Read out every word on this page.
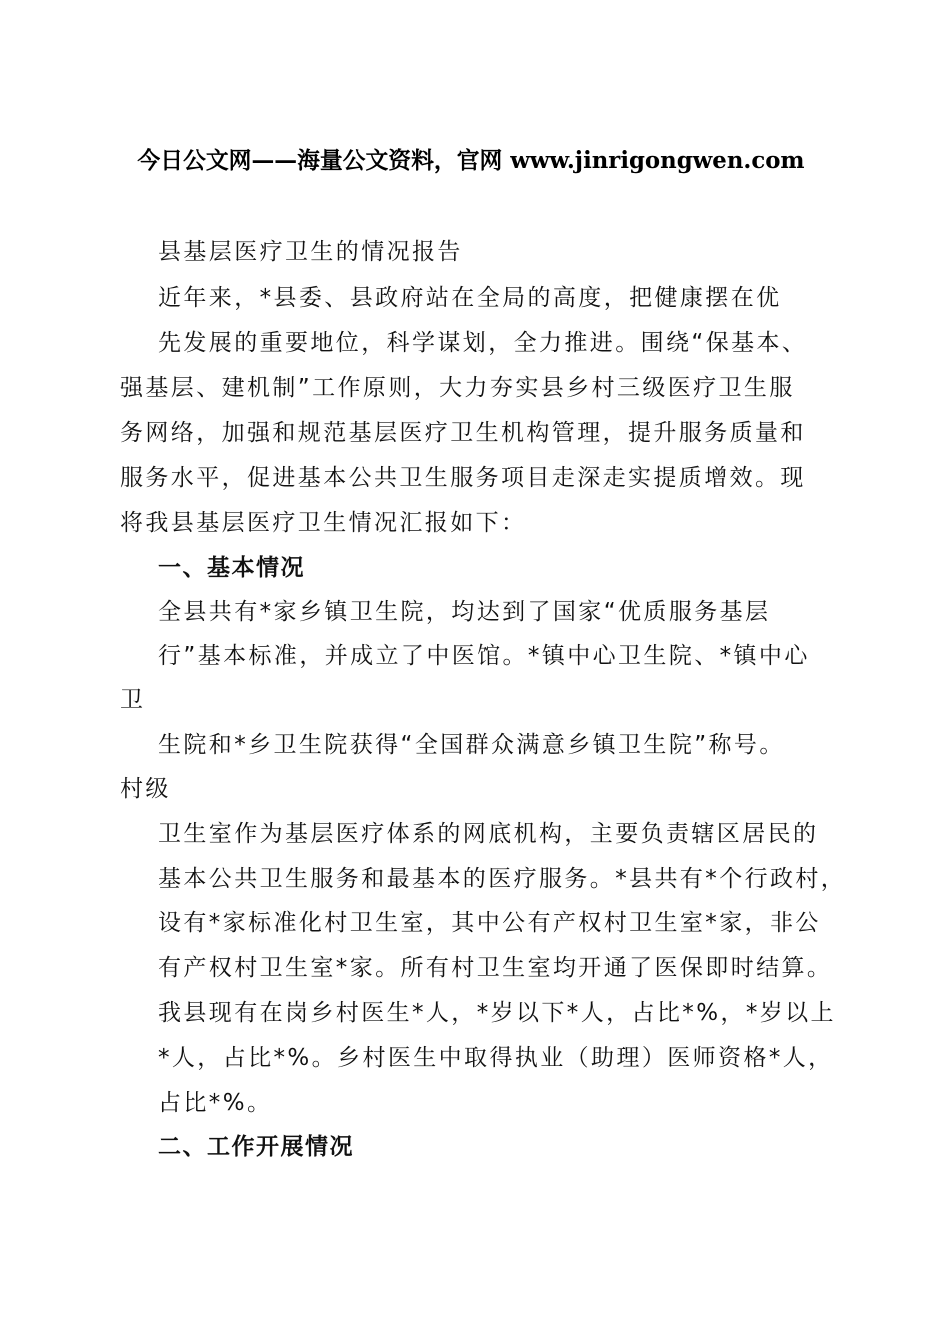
今日公文网——海量公文资料，官网 www.jinrigongwen.com
县基层医疗卫生的情况报告
近年来，*县委、县政府站在全局的高度，把健康摆在优
先发展的重要地位，科学谋划，全力推进。围绕“保基本、
强基层、建机制”工作原则，大力夯实县乡村三级医疗卫生服
务网络，加强和规范基层医疗卫生机构管理，提升服务质量和
服务水平，促进基本公共卫生服务项目走深走实提质增效。现
将我县基层医疗卫生情况汇报如下：
一、基本情况
全县共有*家乡镇卫生院，均达到了国家“优质服务基层
行”基本标准，并成立了中医馆。*镇中心卫生院、*镇中心
卫
生院和*乡卫生院获得“全国群众满意乡镇卫生院”称号。
村级
卫生室作为基层医疗体系的网底机构，主要负责辖区居民的
基本公共卫生服务和最基本的医疗服务。*县共有*个行政村，
设有*家标准化村卫生室，其中公有产权村卫生室*家，非公
有产权村卫生室*家。所有村卫生室均开通了医保即时结算。
我县现有在岗乡村医生*人，*岁以下*人，占比*%，*岁以上
*人，占比*%。乡村医生中取得执业（助理）医师资格*人，
占比*%。
二、工作开展情况
